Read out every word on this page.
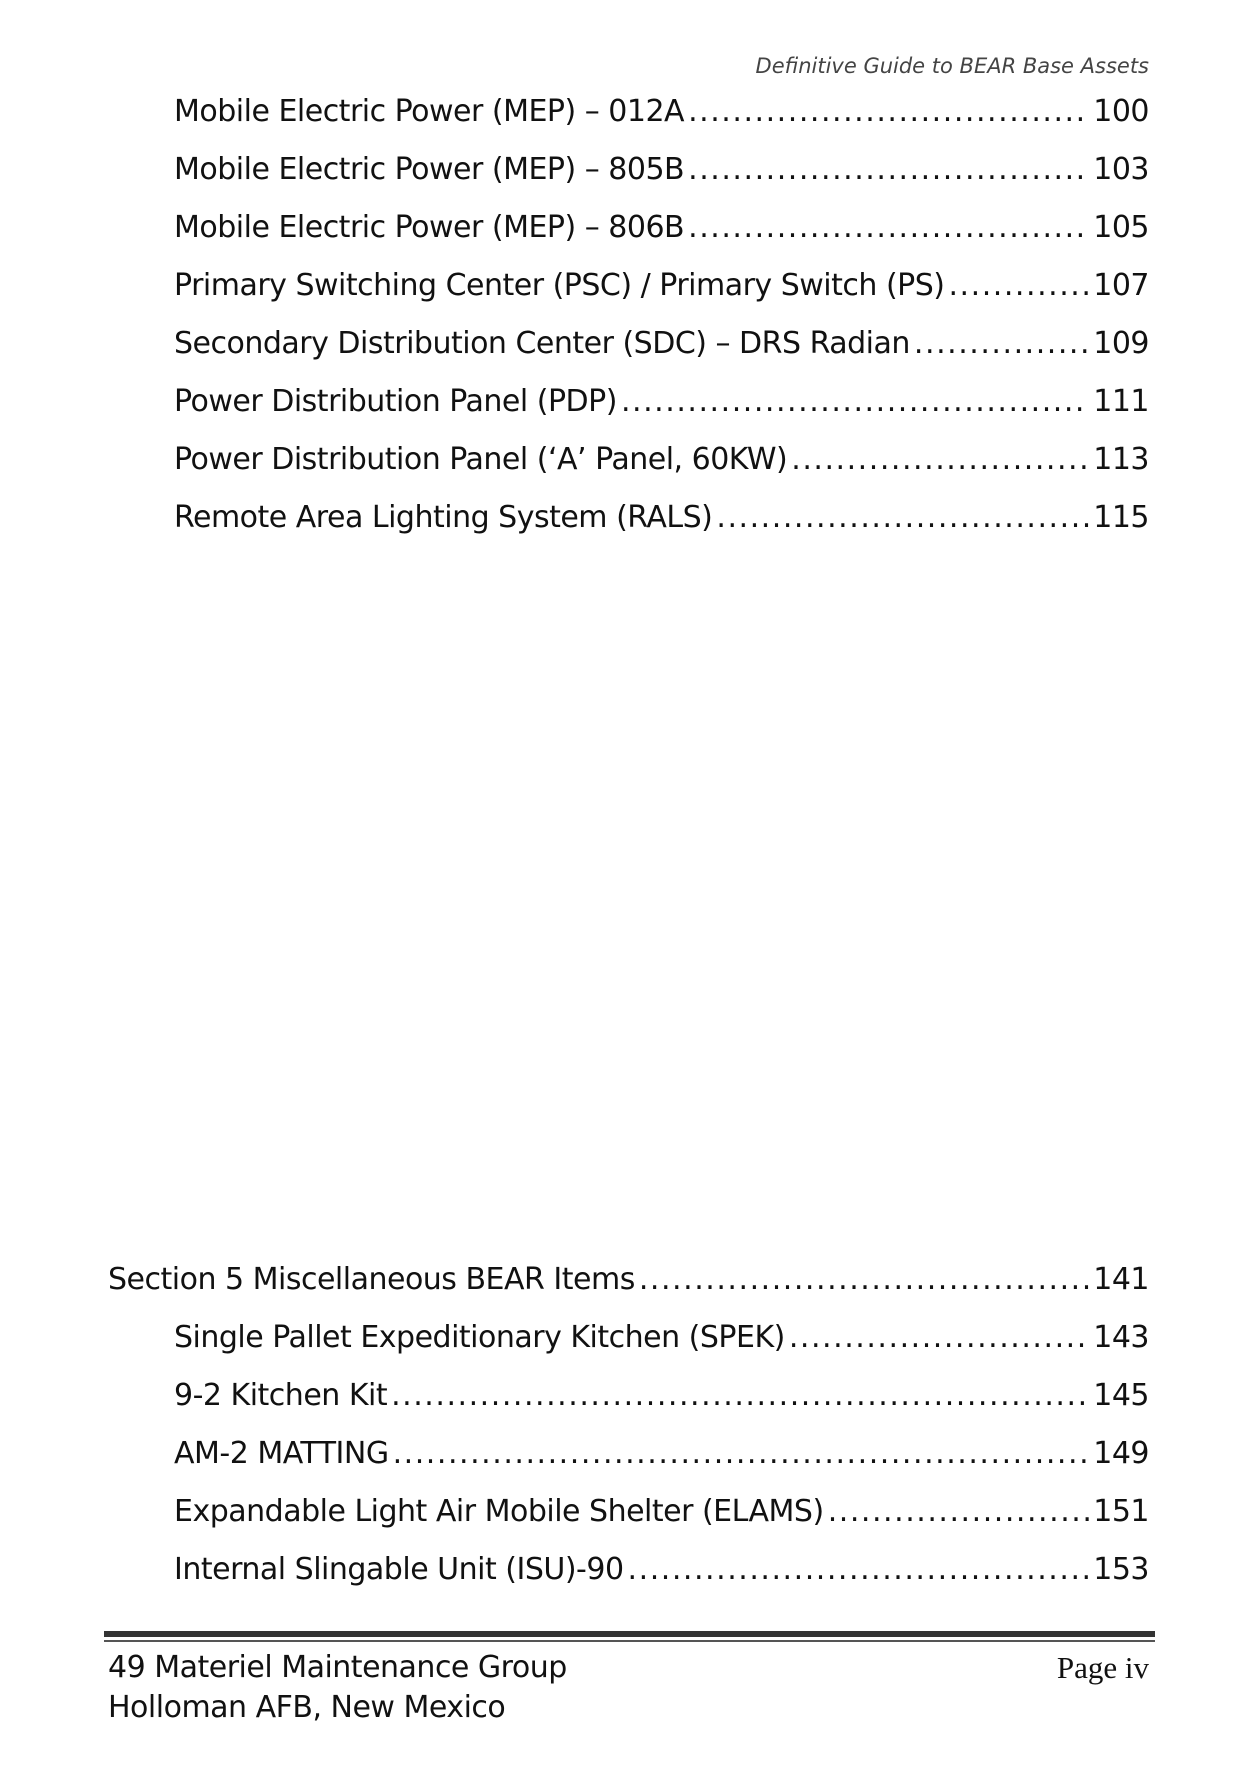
Definitive Guide to BEAR Base Assets
Mobile Electric Power (MEP) – 012A . . .	100
Mobile Electric Power (MEP) – 805B . . .	103
Mobile Electric Power (MEP) – 806B . . .	105
Primary Switching Center (PSC) / Primary Switch (PS) . . .	107
Secondary Distribution Center (SDC) – DRS Radian . . .	109
Power Distribution Panel (PDP) . . .	111
Power Distribution Panel (‘A’ Panel, 60KW) . . .	113
Remote Area Lighting System (RALS) . . .	115
Section 5 Miscellaneous BEAR Items . . .	141
Single Pallet Expeditionary Kitchen (SPEK) . . .	143
9-2 Kitchen Kit . . .	145
AM-2 MATTING . . .	149
Expandable Light Air Mobile Shelter (ELAMS) . . .	151
Internal Slingable Unit (ISU)-90 . . .	153
49 Materiel Maintenance Group
Holloman AFB, New Mexico
Page iv
